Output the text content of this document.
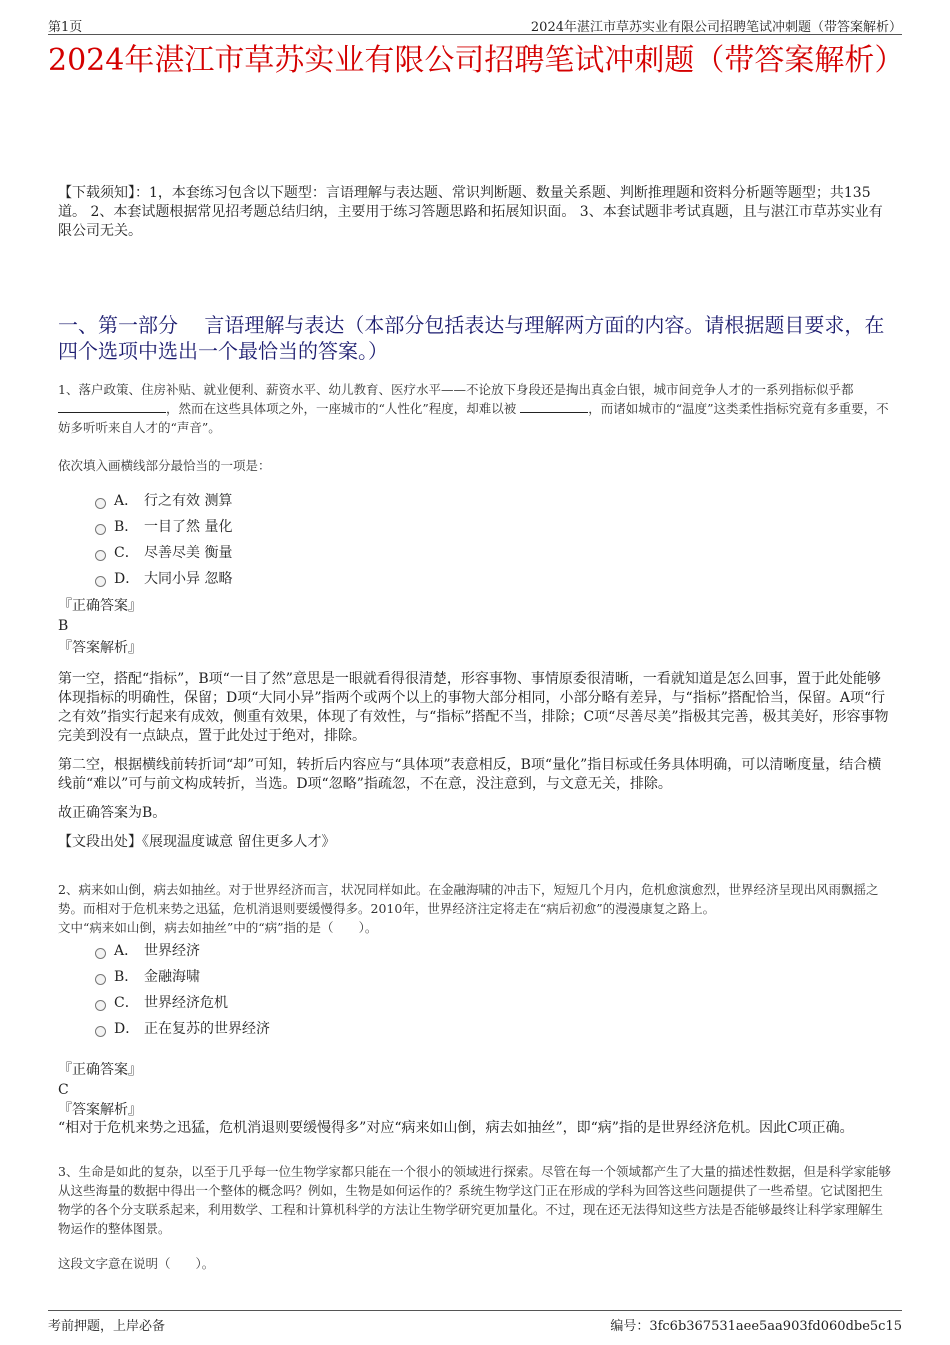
第1页	2024年湛江市草苏实业有限公司招聘笔试冲刺题（带答案解析）
2024年湛江市草苏实业有限公司招聘笔试冲刺题（带答案解析）
【下载须知】：1，本套练习包含以下题型：言语理解与表达题、常识判断题、数量关系题、判断推理题和资料分析题等题型；共135道。 2、本套试题根据常见招考题总结归纳，主要用于练习答题思路和拓展知识面。 3、本套试题非考试真题，且与湛江市草苏实业有限公司无关。
一、第一部分　 言语理解与表达（本部分包括表达与理解两方面的内容。请根据题目要求，在四个选项中选出一个最恰当的答案。）
1、落户政策、住房补贴、就业便利、薪资水平、幼儿教育、医疗水平——不论放下身段还是掏出真金白银，城市间竞争人才的一系列指标似乎都 ，然而在这些具体项之外，一座城市的“人性化”程度，却难以被	，而诸如城市的“温度”这类柔性指标究竟有多重要，不妨多听听来自人才的“声音”。
依次填入画横线部分最恰当的一项是：
A． 行之有效 测算
B． 一目了然 量化
C． 尽善尽美 衡量
D． 大同小异 忽略
『正确答案』
B
『答案解析』

第一空，搭配“指标”，B项“一目了然”意思是一眼就看得很清楚，形容事物、事情原委很清晰，一看就知道是怎么回事，置于此处能够体现指标的明确性，保留；D项“大同小异”指两个或两个以上的事物大部分相同，小部分略有差异，与“指标”搭配恰当，保留。A项“行之有效”指实行起来有成效，侧重有效果，体现了有效性，与“指标”搭配不当，排除；C项“尽善尽美”指极其完善，极其美好，形容事物完美到没有一点缺点，置于此处过于绝对，排除。

第二空，根据横线前转折词“却”可知，转折后内容应与“具体项”表意相反，B项“量化”指目标或任务具体明确，可以清晰度量，结合横线前“难以”可与前文构成转折，当选。D项“忽略”指疏忽，不在意，没注意到，与文意无关，排除。

故正确答案为B。

【文段出处】《展现温度诚意 留住更多人才》

2、病来如山倒，病去如抽丝。对于世界经济而言，状况同样如此。在金融海啸的冲击下，短短几个月内，危机愈演愈烈，世界经济呈现出风雨飘摇之势。而相对于危机来势之迅猛，危机消退则要缓慢得多。2010年，世界经济注定将走在“病后初愈”的漫漫康复之路上。
文中“病来如山倒，病去如抽丝”中的“病”指的是（　　）。
A． 世界经济
B． 金融海啸
C． 世界经济危机
D． 正在复苏的世界经济
『正确答案』
C
『答案解析』
“相对于危机来势之迅猛，危机消退则要缓慢得多”对应“病来如山倒，病去如抽丝”，即“病”指的是世界经济危机。因此C项正确。
3、生命是如此的复杂，以至于几乎每一位生物学家都只能在一个很小的领域进行探索。尽管在每一个领域都产生了大量的描述性数据，但是科学家能够从这些海量的数据中得出一个整体的概念吗？例如，生物是如何运作的？系统生物学这门正在形成的学科为回答这些问题提供了一些希望。它试图把生物学的各个分支联系起来，利用数学、工程和计算机科学的方法让生物学研究更加量化。不过，现在还无法得知这些方法是否能够最终让科学家理解生物运作的整体图景。
这段文字意在说明（　　）。
考前押题，上岸必备	编号：3fc6b367531aee5aa903fd060dbe5c15
